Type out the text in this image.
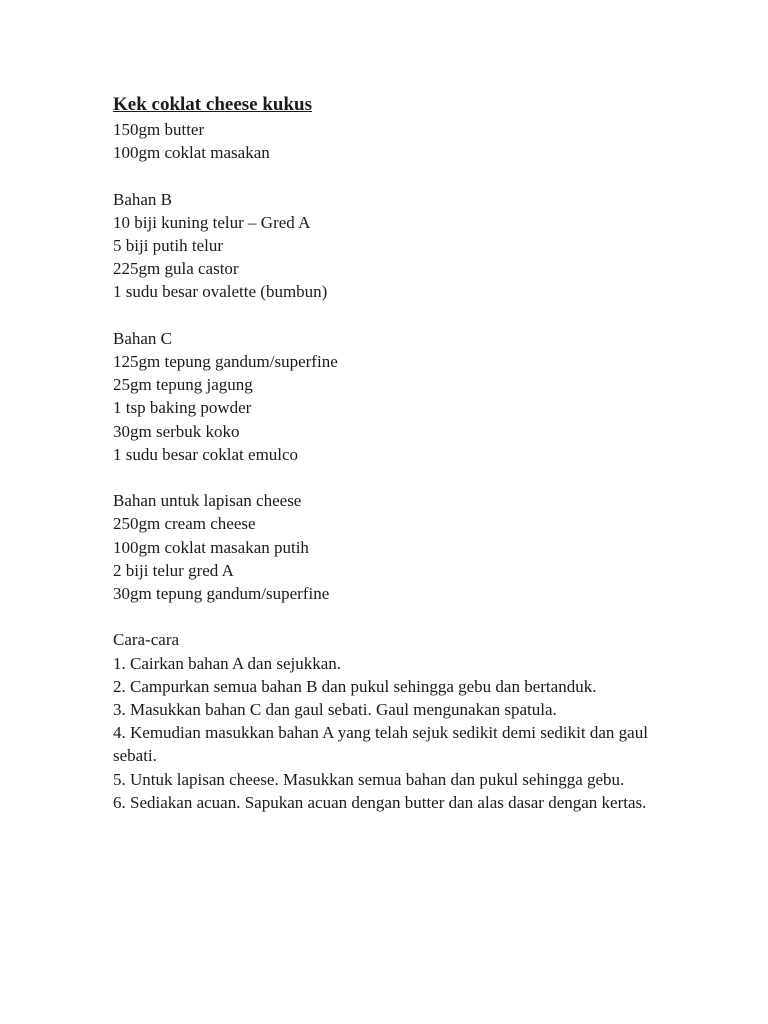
Kek coklat cheese kukus

150gm butter

100gm coklat masakan

Bahan B

10 biji kuning telur – Gred A

5 biji putih telur

225gm gula castor

1 sudu besar ovalette (bumbun)

Bahan C

125gm tepung gandum/superfine

25gm tepung jagung

1 tsp baking powder

30gm serbuk koko

1 sudu besar coklat emulco

Bahan untuk lapisan cheese

250gm cream cheese

100gm coklat masakan putih

2 biji telur gred A

30gm tepung gandum/superfine

Cara-cara

1. Cairkan bahan A dan sejukkan.

2. Campurkan semua bahan B dan pukul sehingga gebu dan bertanduk.

3. Masukkan bahan C dan gaul sebati. Gaul mengunakan spatula.

4. Kemudian masukkan bahan A yang telah sejuk sedikit demi sedikit dan gaul sebati.

5. Untuk lapisan cheese. Masukkan semua bahan dan pukul sehingga gebu.

6. Sediakan acuan. Sapukan acuan dengan butter dan alas dasar dengan kertas.
